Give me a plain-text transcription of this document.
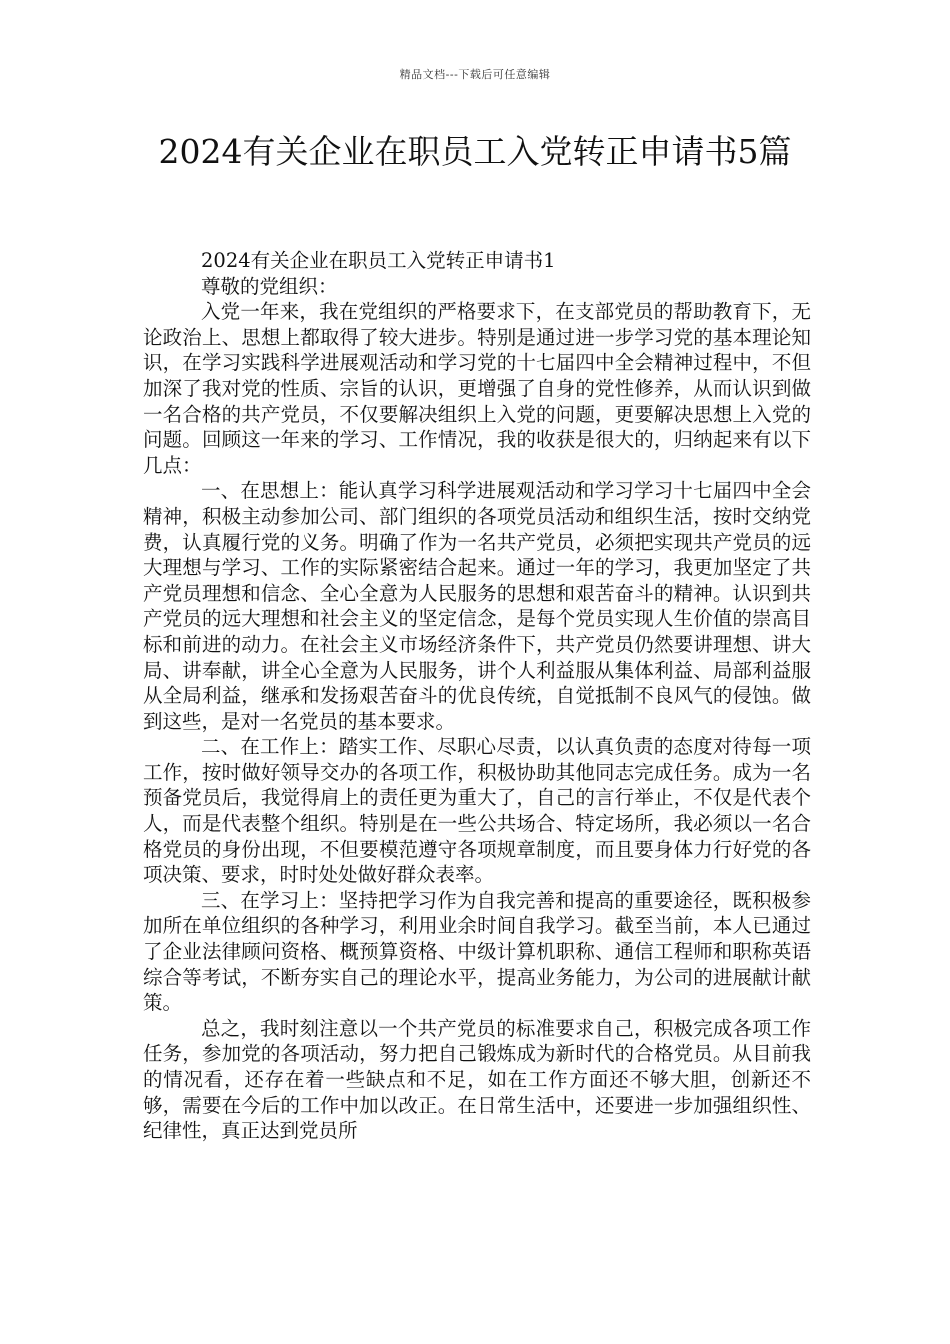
精品文档---下载后可任意编辑
2024有关企业在职员工入党转正申请书5篇

2024有关企业在职员工入党转正申请书1

尊敬的党组织：

入党一年来，我在党组织的严格要求下，在支部党员的帮助教育下，无论政治上、思想上都取得了较大进步。特别是通过进一步学习党的基本理论知识，在学习实践科学进展观活动和学习党的十七届四中全会精神过程中，不但加深了我对党的性质、宗旨的认识，更增强了自身的党性修养，从而认识到做一名合格的共产党员，不仅要解决组织上入党的问题，更要解决思想上入党的问题。回顾这一年来的学习、工作情况，我的收获是很大的，归纳起来有以下几点：

一、在思想上：能认真学习科学进展观活动和学习学习十七届四中全会精神，积极主动参加公司、部门组织的各项党员活动和组织生活，按时交纳党费，认真履行党的义务。明确了作为一名共产党员，必须把实现共产党员的远大理想与学习、工作的实际紧密结合起来。通过一年的学习，我更加坚定了共产党员理想和信念、全心全意为人民服务的思想和艰苦奋斗的精神。认识到共产党员的远大理想和社会主义的坚定信念，是每个党员实现人生价值的崇高目标和前进的动力。在社会主义市场经济条件下，共产党员仍然要讲理想、讲大局、讲奉献，讲全心全意为人民服务，讲个人利益服从集体利益、局部利益服从全局利益，继承和发扬艰苦奋斗的优良传统，自觉抵制不良风气的侵蚀。做到这些，是对一名党员的基本要求。

二、在工作上：踏实工作、尽职心尽责，以认真负责的态度对待每一项工作，按时做好领导交办的各项工作，积极协助其他同志完成任务。成为一名预备党员后，我觉得肩上的责任更为重大了，自己的言行举止，不仅是代表个人，而是代表整个组织。特别是在一些公共场合、特定场所，我必须以一名合格党员的身份出现，不但要模范遵守各项规章制度，而且要身体力行好党的各项决策、要求，时时处处做好群众表率。

三、在学习上：坚持把学习作为自我完善和提高的重要途径，既积极参加所在单位组织的各种学习，利用业余时间自我学习。截至当前，本人已通过了企业法律顾问资格、概预算资格、中级计算机职称、通信工程师和职称英语综合等考试，不断夯实自己的理论水平，提高业务能力，为公司的进展献计献策。

总之，我时刻注意以一个共产党员的标准要求自己，积极完成各项工作任务，参加党的各项活动，努力把自己锻炼成为新时代的合格党员。从目前我的情况看，还存在着一些缺点和不足，如在工作方面还不够大胆，创新还不够，需要在今后的工作中加以改正。在日常生活中，还要进一步加强组织性、纪律性，真正达到党员所
